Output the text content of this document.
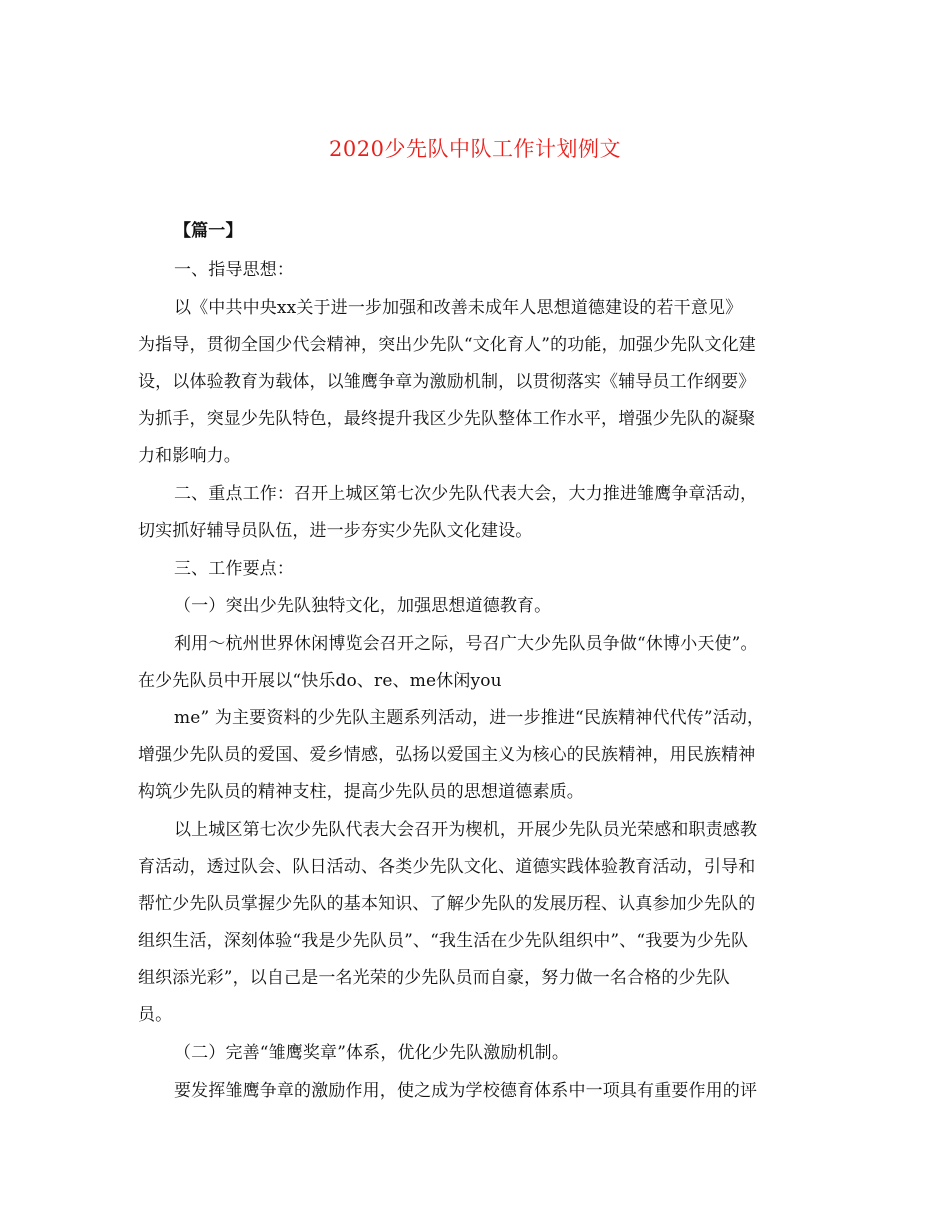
2020少先队中队工作计划例文
【篇一】
一、指导思想：
以《中共中央xx关于进一步加强和改善未成年人思想道德建设的若干意见》
为指导，贯彻全国少代会精神，突出少先队“文化育人”的功能，加强少先队文化建
设，以体验教育为载体，以雏鹰争章为激励机制，以贯彻落实《辅导员工作纲要》
为抓手，突显少先队特色，最终提升我区少先队整体工作水平，增强少先队的凝聚
力和影响力。
二、重点工作：召开上城区第七次少先队代表大会，大力推进雏鹰争章活动，
切实抓好辅导员队伍，进一步夯实少先队文化建设。
三、工作要点：
（一）突出少先队独特文化，加强思想道德教育。
利用～杭州世界休闲博览会召开之际，号召广大少先队员争做“休博小天使”。
在少先队员中开展以“快乐do、re、me休闲you
me” 为主要资料的少先队主题系列活动，进一步推进“民族精神代代传”活动，
增强少先队员的爱国、爱乡情感，弘扬以爱国主义为核心的民族精神，用民族精神
构筑少先队员的精神支柱，提高少先队员的思想道德素质。
以上城区第七次少先队代表大会召开为楔机，开展少先队员光荣感和职责感教
育活动，透过队会、队日活动、各类少先队文化、道德实践体验教育活动，引导和
帮忙少先队员掌握少先队的基本知识、了解少先队的发展历程、认真参加少先队的
组织生活，深刻体验“我是少先队员”、“我生活在少先队组织中”、“我要为少先队
组织添光彩”，以自己是一名光荣的少先队员而自豪，努力做一名合格的少先队
员。
（二）完善“雏鹰奖章”体系，优化少先队激励机制。
要发挥雏鹰争章的激励作用，使之成为学校德育体系中一项具有重要作用的评
